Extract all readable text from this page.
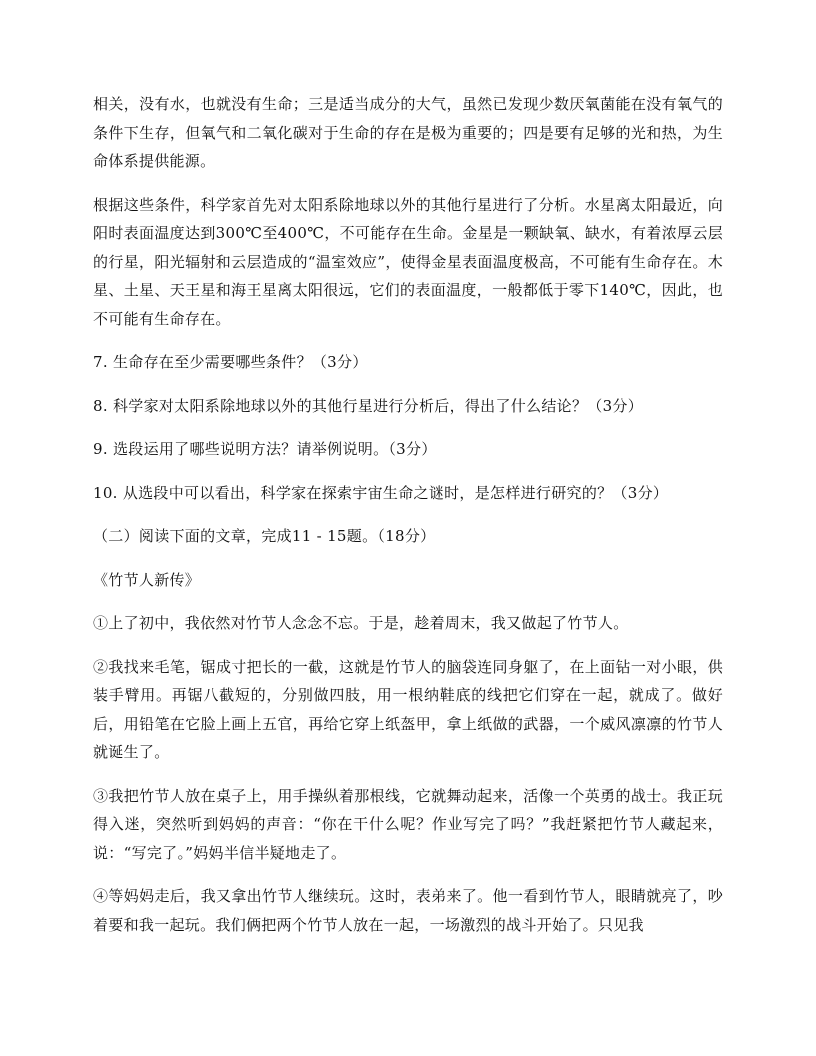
相关，没有水，也就没有生命；三是适当成分的大气，虽然已发现少数厌氧菌能在没有氧气的条件下生存，但氧气和二氧化碳对于生命的存在是极为重要的；四是要有足够的光和热，为生命体系提供能源。

根据这些条件，科学家首先对太阳系除地球以外的其他行星进行了分析。水星离太阳最近，向阳时表面温度达到300℃至400℃，不可能存在生命。金星是一颗缺氧、缺水，有着浓厚云层的行星，阳光辐射和云层造成的“温室效应”，使得金星表面温度极高，不可能有生命存在。木星、土星、天王星和海王星离太阳很远，它们的表面温度，一般都低于零下140℃，因此，也不可能有生命存在。

7. 生命存在至少需要哪些条件？（3分）

8. 科学家对太阳系除地球以外的其他行星进行分析后，得出了什么结论？（3分）

9. 选段运用了哪些说明方法？请举例说明。（3分）

10. 从选段中可以看出，科学家在探索宇宙生命之谜时，是怎样进行研究的？（3分）

（二）阅读下面的文章，完成11 - 15题。（18分）

《竹节人新传》

①上了初中，我依然对竹节人念念不忘。于是，趁着周末，我又做起了竹节人。

②我找来毛笔，锯成寸把长的一截，这就是竹节人的脑袋连同身躯了，在上面钻一对小眼，供装手臂用。再锯八截短的，分别做四肢，用一根纳鞋底的线把它们穿在一起，就成了。做好后，用铅笔在它脸上画上五官，再给它穿上纸盔甲，拿上纸做的武器，一个威风凛凛的竹节人就诞生了。

③我把竹节人放在桌子上，用手操纵着那根线，它就舞动起来，活像一个英勇的战士。我正玩得入迷，突然听到妈妈的声音：“你在干什么呢？作业写完了吗？”我赶紧把竹节人藏起来，说：“写完了。”妈妈半信半疑地走了。

④等妈妈走后，我又拿出竹节人继续玩。这时，表弟来了。他一看到竹节人，眼睛就亮了，吵着要和我一起玩。我们俩把两个竹节人放在一起，一场激烈的战斗开始了。只见我
